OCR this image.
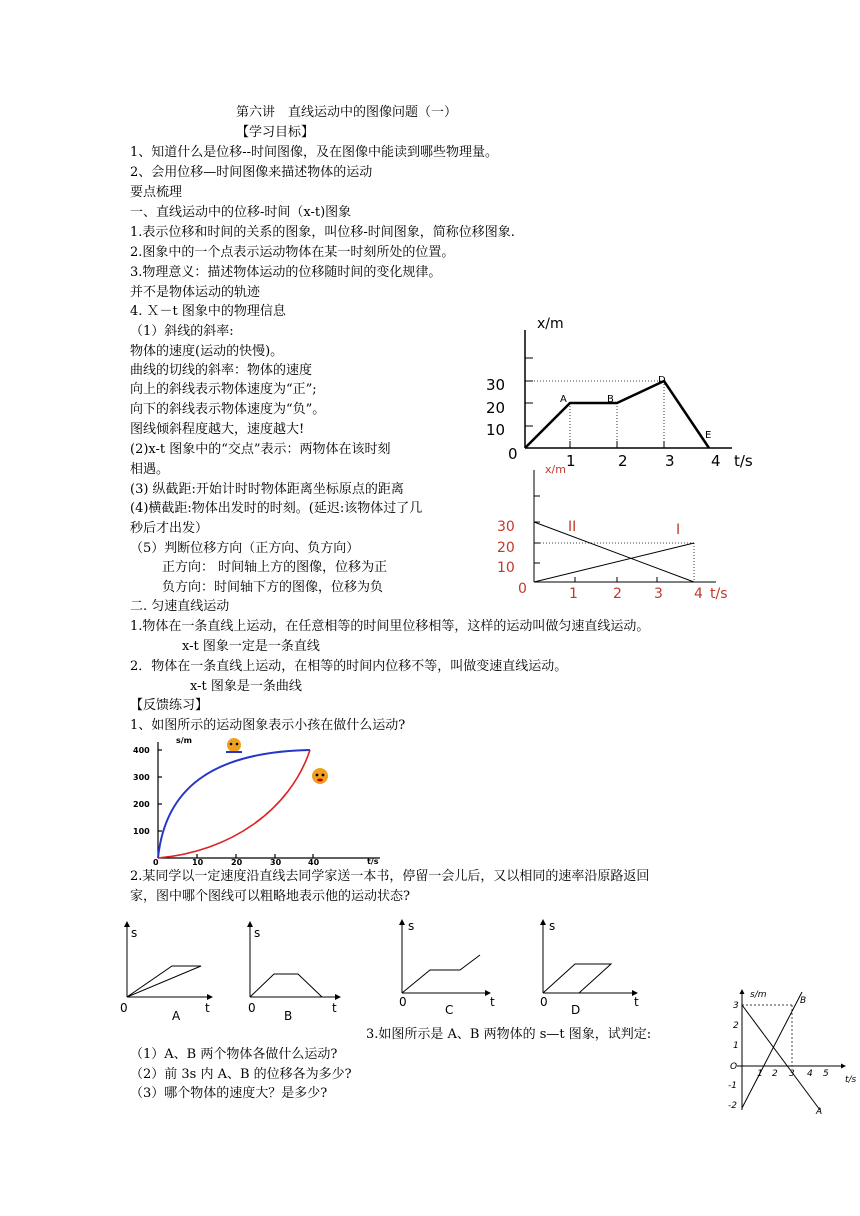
第六讲　直线运动中的图像问题（一）
【学习目标】
1、知道什么是位移--时间图像，及在图像中能读到哪些物理量。
2、会用位移—时间图像来描述物体的运动
要点梳理
一、直线运动中的位移-时间（x-t)图象
1.表示位移和时间的关系的图象，叫位移-时间图象，简称位移图象.
2.图象中的一个点表示运动物体在某一时刻所处的位置。
3.物理意义：描述物体运动的位移随时间的变化规律。
并不是物体运动的轨迹
4. Ｘ－t 图象中的物理信息
（1）斜线的斜率:
物体的速度(运动的快慢)。
曲线的切线的斜率：物体的速度
向上的斜线表示物体速度为“正”;
向下的斜线表示物体速度为“负”。
图线倾斜程度越大，速度越大!
(2)x-t 图象中的“交点”表示：两物体在该时刻
相遇。
(3) 纵截距:开始计时时物体距离坐标原点的距离
(4)横截距:物体出发时的时刻。(延迟:该物体过了几
秒后才出发）
（5）判断位移方向（正方向、负方向）
正方向： 时间轴上方的图像，位移为正
负方向：时间轴下方的图像，位移为负
二. 匀速直线运动
1.物体在一条直线上运动，在任意相等的时间里位移相等，这样的运动叫做匀速直线运动。
x-t 图象一定是一条直线
2．物体在一条直线上运动，在相等的时间内位移不等，叫做变速直线运动。
x-t 图象是一条曲线
【反馈练习】
1、如图所示的运动图象表示小孩在做什么运动?
2.某同学以一定速度沿直线去同学家送一本书，停留一会儿后，又以相同的速率沿原路返回
家，图中哪个图线可以粗略地表示他的运动状态?
3.如图所示是 A、B 两物体的 s—t 图象，试判定:
（1）A、B 两个物体各做什么运动?
（2）前 3s 内 A、B 的位移各为多少?
（3）哪个物体的速度大？是多少?
x/m
30
20
10
0	1	2 3 4 t/s
A	B
D
E
x/m
30
20
10
0	1	2 3 4 t/s
II	I
s/m
400
300
200
100
0	10	20	30	40	t/s
s
t
0
A
s
t
0
B
s
t
0
C
s
t
0
D
s/m
3
2
1
O
-1
-2
1 2 3 4 5
t/s
A
B
